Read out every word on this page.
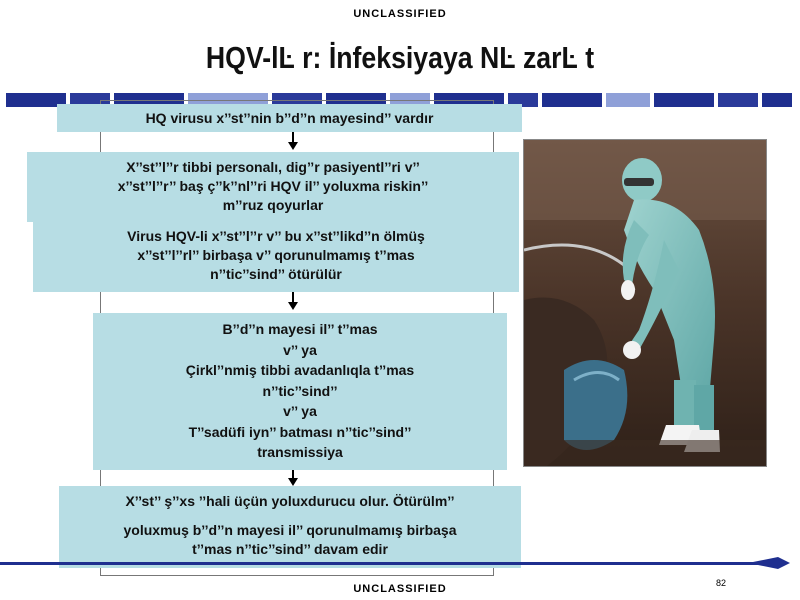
UNCLASSIFIED
HQV-lĿ r: İnfeksiyaya NĿ zarĿ t
HQ virusu x’’st’’nin b’’d’’n mayesind’’ vardır
X’’st’’l’’r tibbi personalı, dig’’r pasiyentl’’ri v’’
x’’st’’l’’r’’ baş ç’’k’’nl’’ri HQV il’’ yoluxma riskin’’
m’’ruz qoyurlar
Virus HQV-li x’’st’’l’’r v’’ bu x’’st’’likd’’n ölmüş
x’’st’’l’’rl’’ birbaşa v’’ qorunulmamış t’’mas
n’’tic’’sind’’ ötürülür
B’’d’’n mayesi il’’ t’’mas
v’’ ya
Çirkl’’nmiş tibbi avadanlıqla t’’mas
n’’tic’’sind’’
v’’ ya
T’’sadüfi iyn’’ batması n’’tic’’sind’’
transmissiya
X’’st’’ ş’’xs ’’hali üçün yoluxdurucu olur. Ötürülm’’
yoluxmuş b’’d’’n mayesi il’’ qorunulmamış birbaşa
t’’mas n’’tic’’sind’’ davam edir
82
UNCLASSIFIED
